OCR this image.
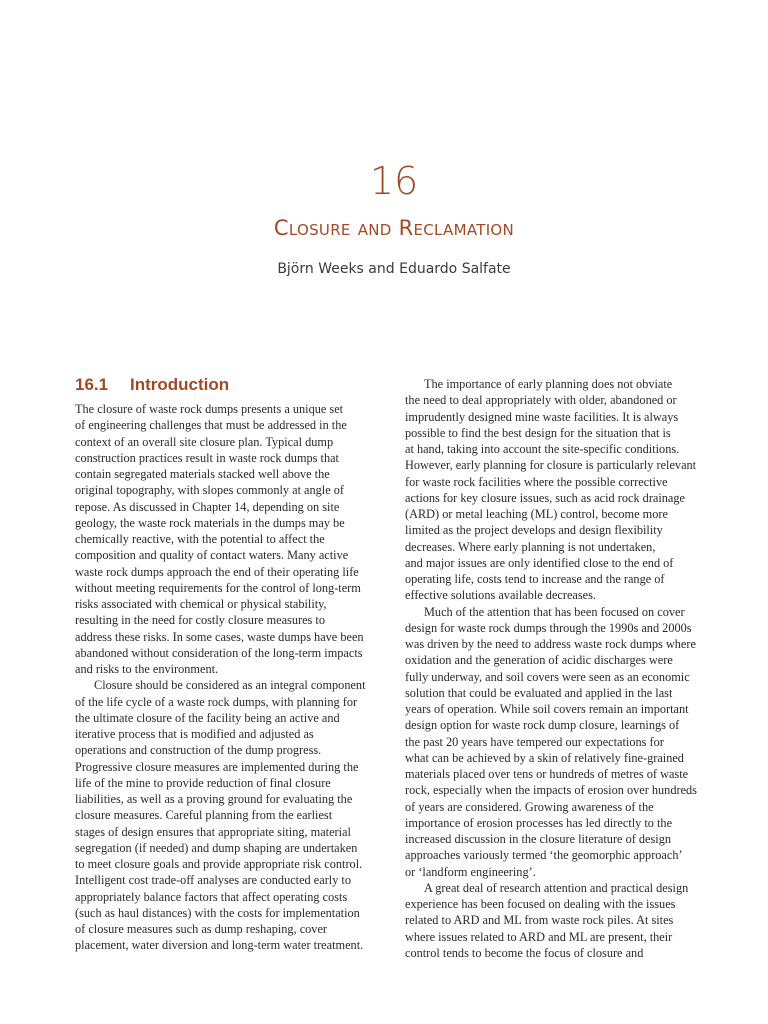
16
Closure and Reclamation
Björn Weeks and Eduardo Salfate
16.1 Introduction

The closure of waste rock dumps presents a unique set
of engineering challenges that must be addressed in the
context of an overall site closure plan. Typical dump
construction practices result in waste rock dumps that
contain segregated materials stacked well above the
original topography, with slopes commonly at angle of
repose. As discussed in Chapter 14, depending on site
geology, the waste rock materials in the dumps may be
chemically reactive, with the potential to affect the
composition and quality of contact waters. Many active
waste rock dumps approach the end of their operating life
without meeting requirements for the control of long-term
risks associated with chemical or physical stability,
resulting in the need for costly closure measures to
address these risks. In some cases, waste dumps have been
abandoned without consideration of the long-term impacts
and risks to the environment.

Closure should be considered as an integral component
of the life cycle of a waste rock dumps, with planning for
the ultimate closure of the facility being an active and
iterative process that is modified and adjusted as
operations and construction of the dump progress.
Progressive closure measures are implemented during the
life of the mine to provide reduction of final closure
liabilities, as well as a proving ground for evaluating the
closure measures. Careful planning from the earliest
stages of design ensures that appropriate siting, material
segregation (if needed) and dump shaping are undertaken
to meet closure goals and provide appropriate risk control.
Intelligent cost trade-off analyses are conducted early to
appropriately balance factors that affect operating costs
(such as haul distances) with the costs for implementation
of closure measures such as dump reshaping, cover
placement, water diversion and long-term water treatment.

The importance of early planning does not obviate
the need to deal appropriately with older, abandoned or
imprudently designed mine waste facilities. It is always
possible to find the best design for the situation that is
at hand, taking into account the site-specific conditions.
However, early planning for closure is particularly relevant
for waste rock facilities where the possible corrective
actions for key closure issues, such as acid rock drainage
(ARD) or metal leaching (ML) control, become more
limited as the project develops and design flexibility
decreases. Where early planning is not undertaken,
and major issues are only identified close to the end of
operating life, costs tend to increase and the range of
effective solutions available decreases.

Much of the attention that has been focused on cover
design for waste rock dumps through the 1990s and 2000s
was driven by the need to address waste rock dumps where
oxidation and the generation of acidic discharges were
fully underway, and soil covers were seen as an economic
solution that could be evaluated and applied in the last
years of operation. While soil covers remain an important
design option for waste rock dump closure, learnings of
the past 20 years have tempered our expectations for
what can be achieved by a skin of relatively fine-grained
materials placed over tens or hundreds of metres of waste
rock, especially when the impacts of erosion over hundreds
of years are considered. Growing awareness of the
importance of erosion processes has led directly to the
increased discussion in the closure literature of design
approaches variously termed ‘the geomorphic approach’
or ‘landform engineering’.

A great deal of research attention and practical design
experience has been focused on dealing with the issues
related to ARD and ML from waste rock piles. At sites
where issues related to ARD and ML are present, their
control tends to become the focus of closure and
